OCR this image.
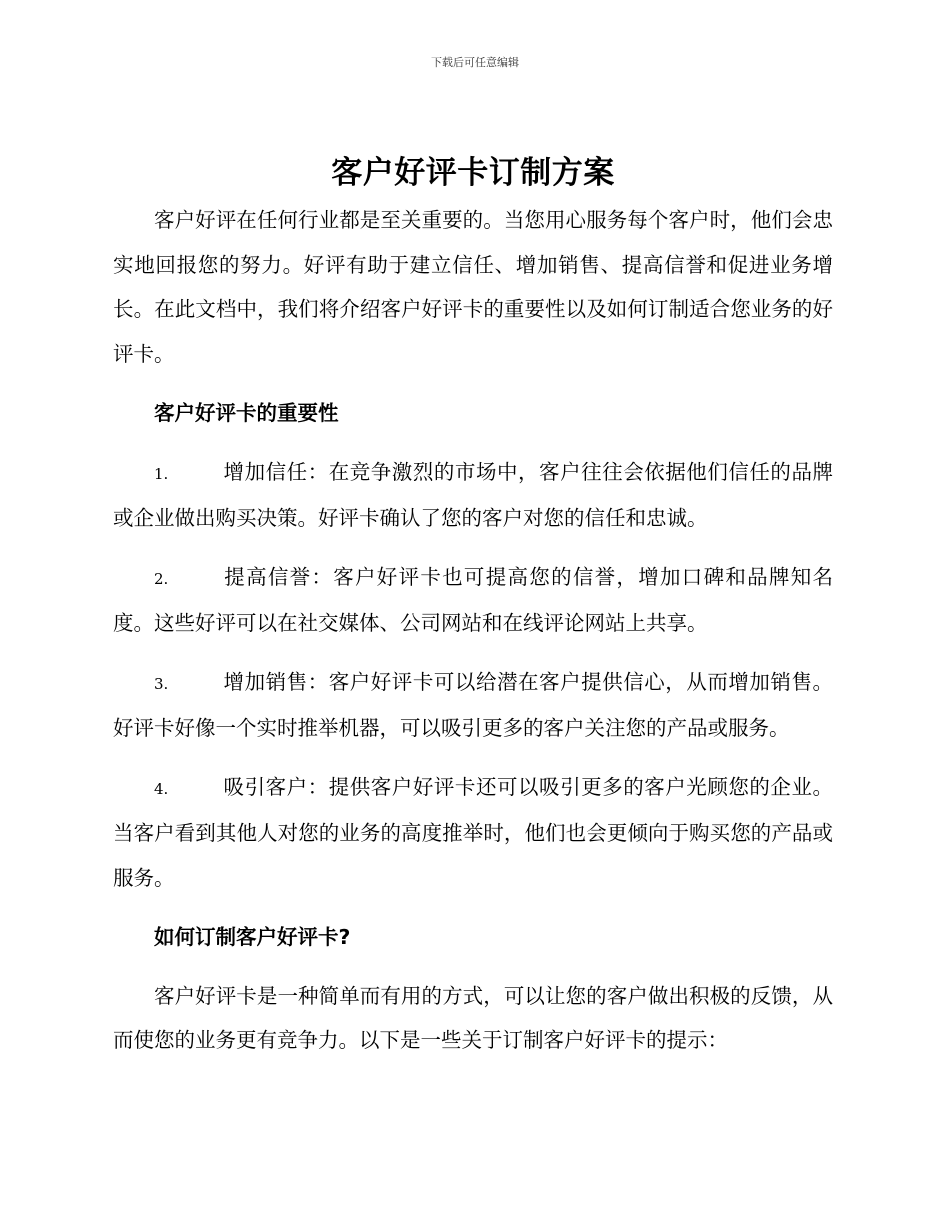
下载后可任意编辑
客户好评卡订制方案

客户好评在任何行业都是至关重要的。当您用心服务每个客户时，他们会忠实地回报您的努力。好评有助于建立信任、增加销售、提高信誉和促进业务增长。在此文档中，我们将介绍客户好评卡的重要性以及如何订制适合您业务的好评卡。

客户好评卡的重要性

1.	增加信任：在竞争激烈的市场中，客户往往会依据他们信任的品牌或企业做出购买决策。好评卡确认了您的客户对您的信任和忠诚。

2.	提高信誉：客户好评卡也可提高您的信誉，增加口碑和品牌知名度。这些好评可以在社交媒体、公司网站和在线评论网站上共享。

3.	增加销售：客户好评卡可以给潜在客户提供信心，从而增加销售。好评卡好像一个实时推举机器，可以吸引更多的客户关注您的产品或服务。

4.	吸引客户：提供客户好评卡还可以吸引更多的客户光顾您的企业。当客户看到其他人对您的业务的高度推举时，他们也会更倾向于购买您的产品或服务。

如何订制客户好评卡?

客户好评卡是一种简单而有用的方式，可以让您的客户做出积极的反馈，从而使您的业务更有竞争力。以下是一些关于订制客户好评卡的提示：
